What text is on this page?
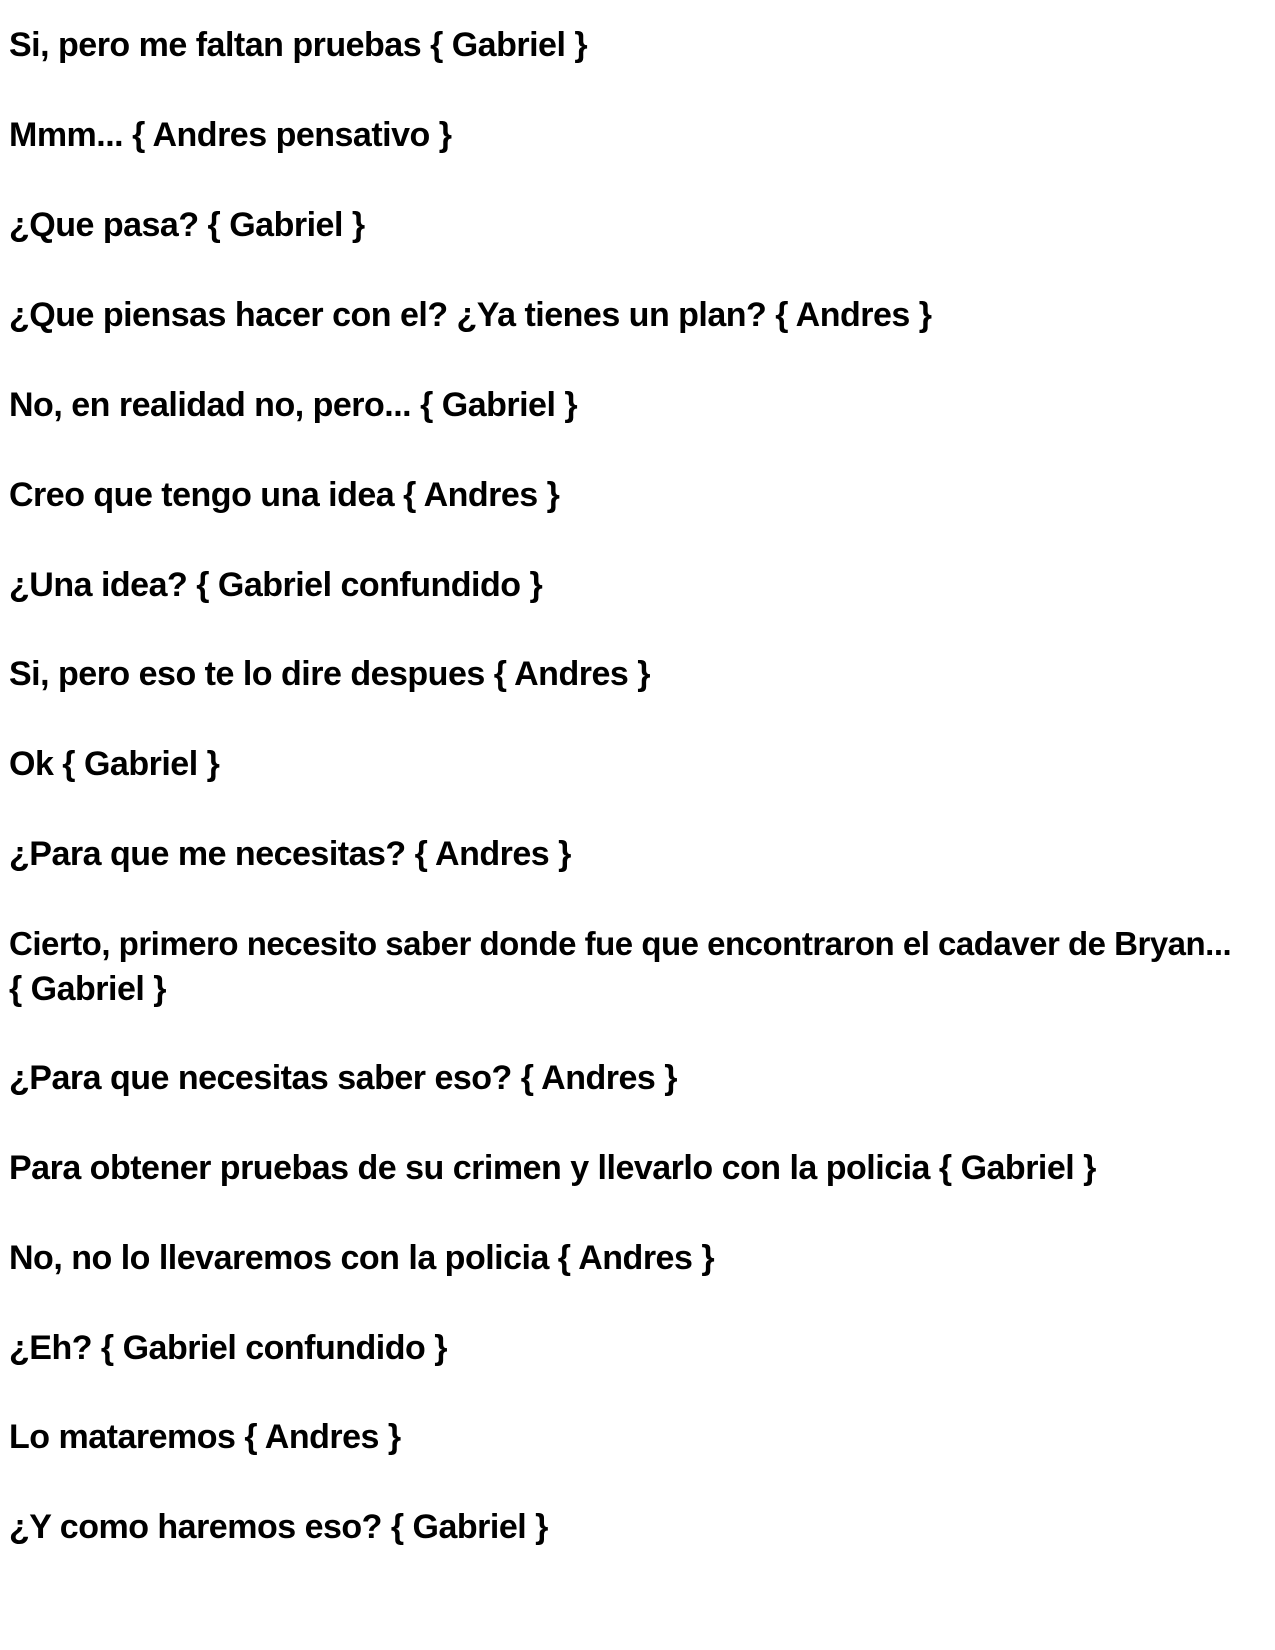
Si, pero me faltan pruebas { Gabriel }

Mmm... { Andres pensativo }

¿Que pasa? { Gabriel }

¿Que piensas hacer con el? ¿Ya tienes un plan? { Andres }

No, en realidad no, pero... { Gabriel }

Creo que tengo una idea { Andres }

¿Una idea? { Gabriel confundido }

Si, pero eso te lo dire despues { Andres }

Ok { Gabriel }

¿Para que me necesitas? { Andres }

Cierto, primero necesito saber donde fue que encontraron el cadaver de Bryan...

{ Gabriel }

¿Para que necesitas saber eso? { Andres }

Para obtener pruebas de su crimen y llevarlo con la policia { Gabriel }

No, no lo llevaremos con la policia { Andres }

¿Eh? { Gabriel confundido }

Lo mataremos { Andres }

¿Y como haremos eso? { Gabriel }
